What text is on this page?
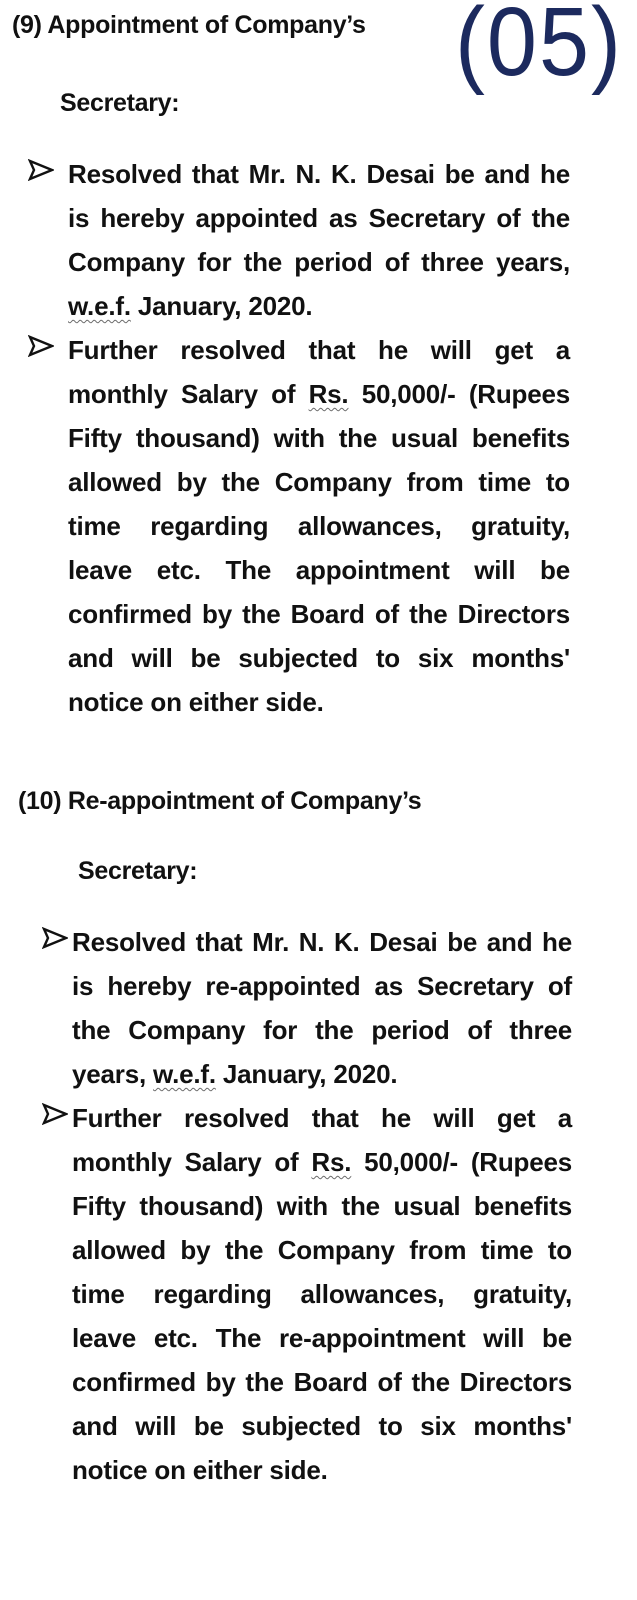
(05)

(9) Appointment of Company’s

Secretary:

Resolved that Mr. N. K. Desai be and he is hereby appointed as Secretary of the Company for the period of three years, w.e.f. January, 2020.

Further resolved that he will get a monthly Salary of Rs. 50,000/- (Rupees Fifty thousand) with the usual benefits allowed by the Company from time to time regarding allowances, gratuity, leave etc. The appointment will be confirmed by the Board of the Directors and will be subjected to six months' notice on either side.

(10) Re-appointment of Company’s

Secretary:

Resolved that Mr. N. K. Desai be and he is hereby re-appointed as Secretary of the Company for the period of three years, w.e.f. January, 2020.

Further resolved that he will get a monthly Salary of Rs. 50,000/- (Rupees Fifty thousand) with the usual benefits allowed by the Company from time to time regarding allowances, gratuity, leave etc. The re-appointment will be confirmed by the Board of the Directors and will be subjected to six months' notice on either side.
